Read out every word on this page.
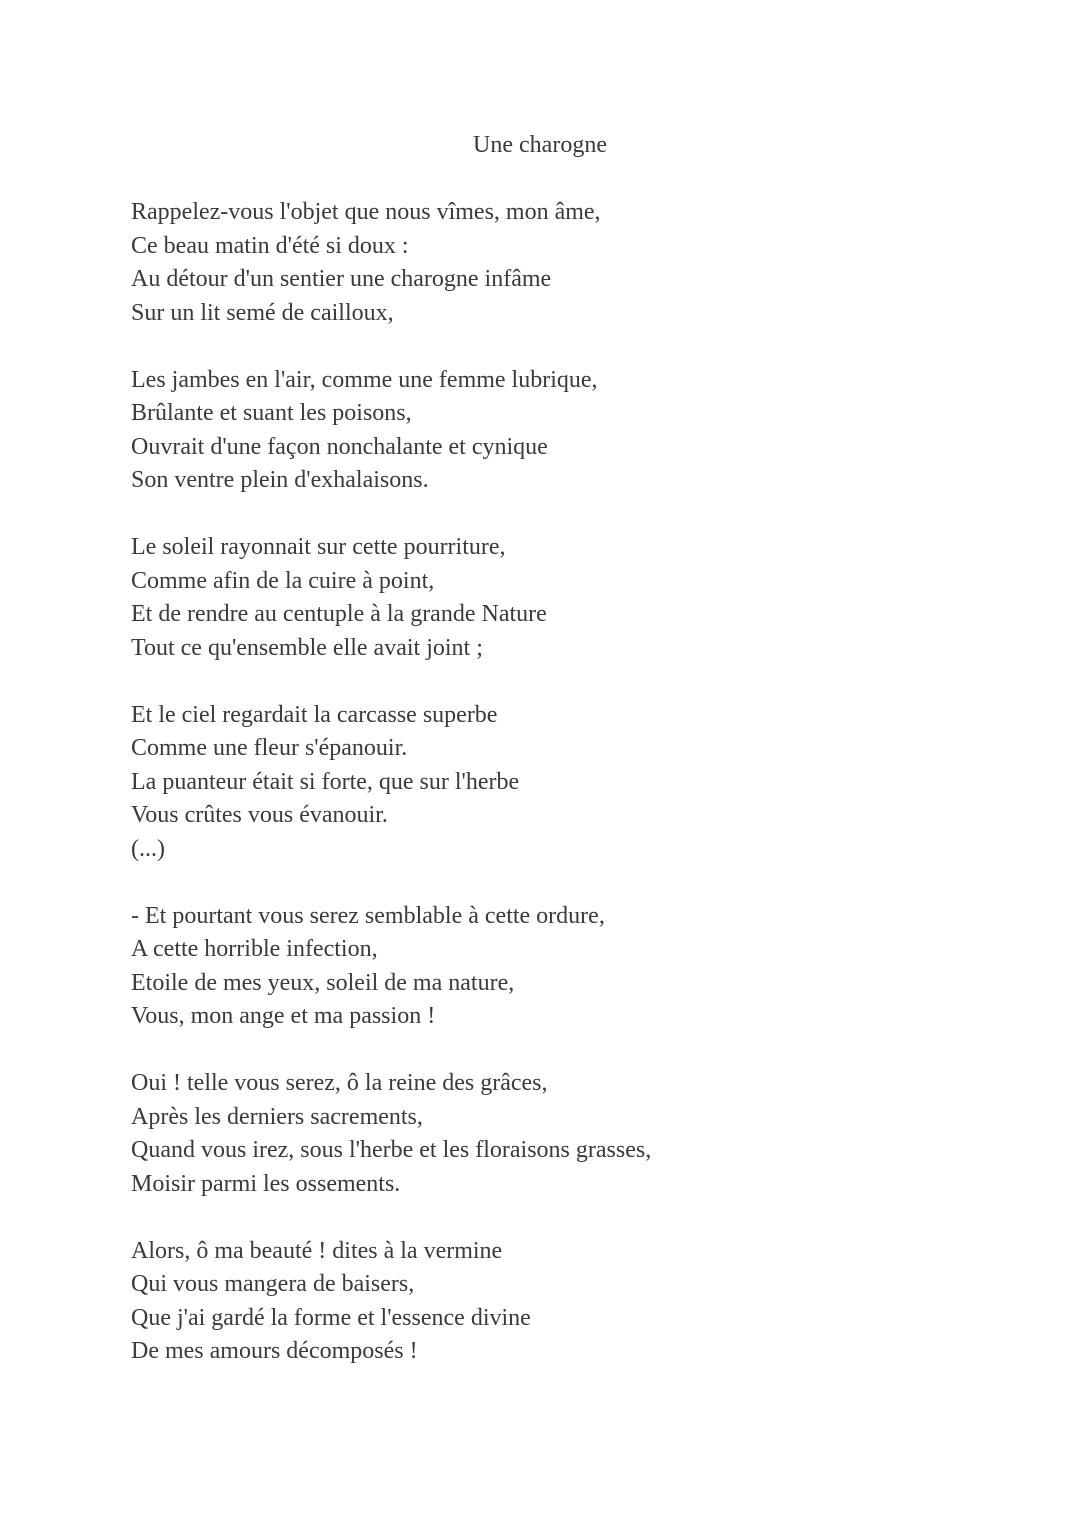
Une charogne
Rappelez-vous l'objet que nous vîmes, mon âme,
Ce beau matin d'été si doux :
Au détour d'un sentier une charogne infâme
Sur un lit semé de cailloux,
Les jambes en l'air, comme une femme lubrique,
Brûlante et suant les poisons,
Ouvrait d'une façon nonchalante et cynique
Son ventre plein d'exhalaisons.
Le soleil rayonnait sur cette pourriture,
Comme afin de la cuire à point,
Et de rendre au centuple à la grande Nature
Tout ce qu'ensemble elle avait joint ;
Et le ciel regardait la carcasse superbe
Comme une fleur s'épanouir.
La puanteur était si forte, que sur l'herbe
Vous crûtes vous évanouir.
(...)
- Et pourtant vous serez semblable à cette ordure,
A cette horrible infection,
Etoile de mes yeux, soleil de ma nature,
Vous, mon ange et ma passion !
Oui ! telle vous serez, ô la reine des grâces,
Après les derniers sacrements,
Quand vous irez, sous l'herbe et les floraisons grasses,
Moisir parmi les ossements.
Alors, ô ma beauté ! dites à la vermine
Qui vous mangera de baisers,
Que j'ai gardé la forme et l'essence divine
De mes amours décomposés !
